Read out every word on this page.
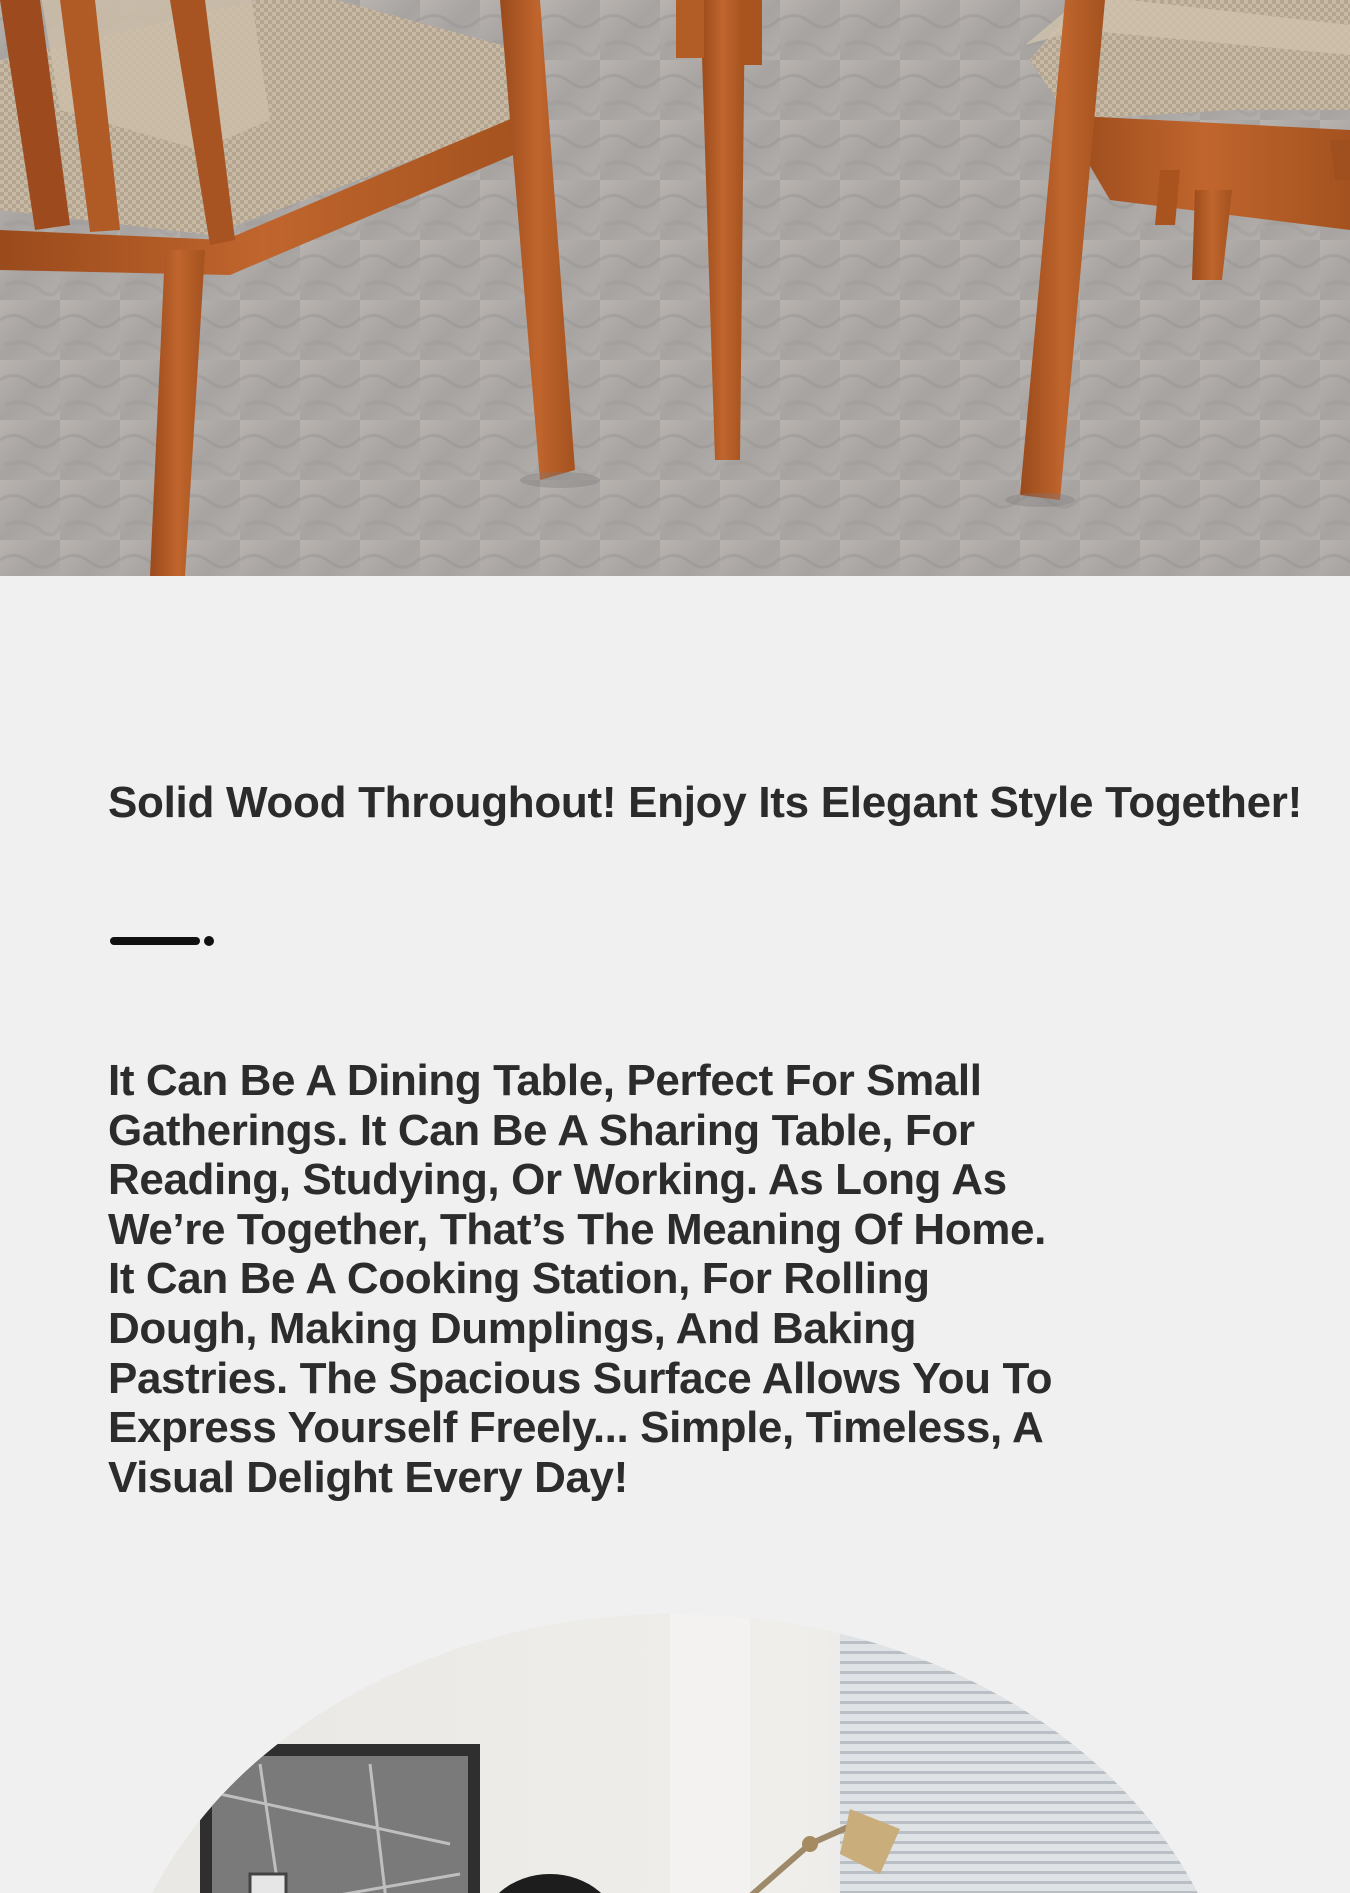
Solid Wood Throughout! Enjoy Its Elegant Style Together!

It Can Be A Dining Table, Perfect For Small
Gatherings. It Can Be A Sharing Table, For
Reading, Studying, Or Working. As Long As
We’re Together, That’s The Meaning Of Home.
It Can Be A Cooking Station, For Rolling
Dough, Making Dumplings, And Baking
Pastries. The Spacious Surface Allows You To
Express Yourself Freely... Simple, Timeless, A
Visual Delight Every Day!
